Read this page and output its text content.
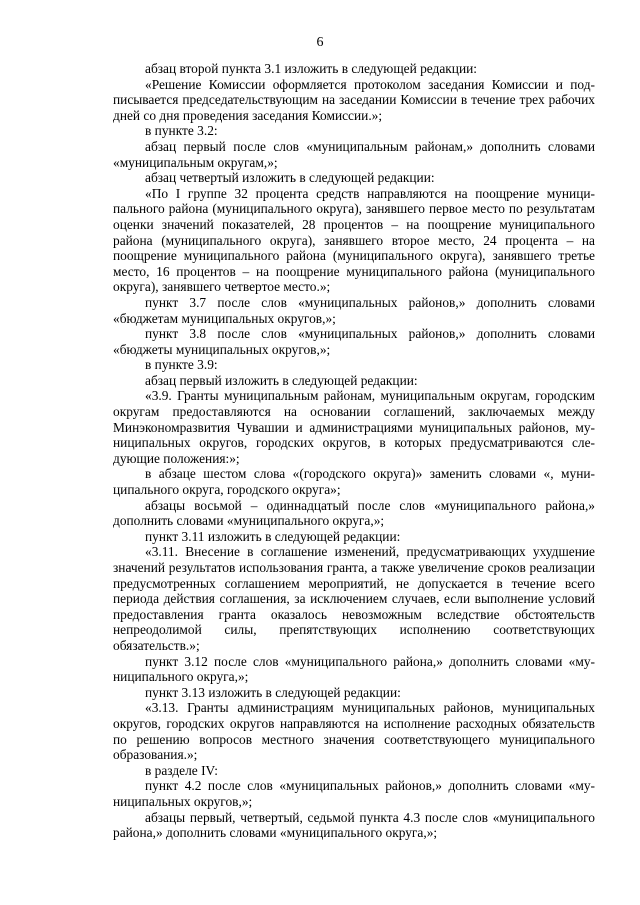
6

абзац второй пункта 3.1 изложить в следующей редакции:

«Решение Комиссии оформляется протоколом заседания Комиссии и подписывается председательствующим на заседании Комиссии в течение трех рабочих дней со дня проведения заседания Комиссии.»;

в пункте 3.2:

абзац первый после слов «муниципальным районам,» дополнить словами «муниципальным округам,»;

абзац четвертый изложить в следующей редакции:

«По I группе 32 процента средств направляются на поощрение муниципального района (муниципального округа), занявшего первое место по результатам оценки значений показателей, 28 процентов – на поощрение муниципального района (муниципального округа), занявшего второе место, 24 процента – на поощрение муниципального района (муниципального округа), занявшего третье место, 16 процентов – на поощрение муниципального района (муниципального округа), занявшего четвертое место.»;

пункт 3.7 после слов «муниципальных районов,» дополнить словами «бюджетам муниципальных округов,»;

пункт 3.8 после слов «муниципальных районов,» дополнить словами «бюджеты муниципальных округов,»;

в пункте 3.9:

абзац первый изложить в следующей редакции:

«3.9. Гранты муниципальным районам, муниципальным округам, городским округам предоставляются на основании соглашений, заключаемых между Минэкономразвития Чувашии и администрациями муниципальных районов, муниципальных округов, городских округов, в которых предусматриваются следующие положения:»;

в абзаце шестом слова «(городского округа)» заменить словами «, муниципального округа, городского округа»;

абзацы восьмой – одиннадцатый после слов «муниципального района,» дополнить словами «муниципального округа,»;

пункт 3.11 изложить в следующей редакции:

«3.11. Внесение в соглашение изменений, предусматривающих ухудшение значений результатов использования гранта, а также увеличение сроков реализации предусмотренных соглашением мероприятий, не допускается в течение всего периода действия соглашения, за исключением случаев, если выполнение условий предоставления гранта оказалось невозможным вследствие обстоятельств непреодолимой силы, препятствующих исполнению соответствующих обязательств.»;

пункт 3.12 после слов «муниципального района,» дополнить словами «муниципального округа,»;

пункт 3.13 изложить в следующей редакции:

«3.13. Гранты администрациям муниципальных районов, муниципальных округов, городских округов направляются на исполнение расходных обязательств по решению вопросов местного значения соответствующего муниципального образования.»;

в разделе IV:

пункт 4.2 после слов «муниципальных районов,» дополнить словами «муниципальных округов,»;

абзацы первый, четвертый, седьмой пункта 4.3 после слов «муниципального района,» дополнить словами «муниципального округа,»;
